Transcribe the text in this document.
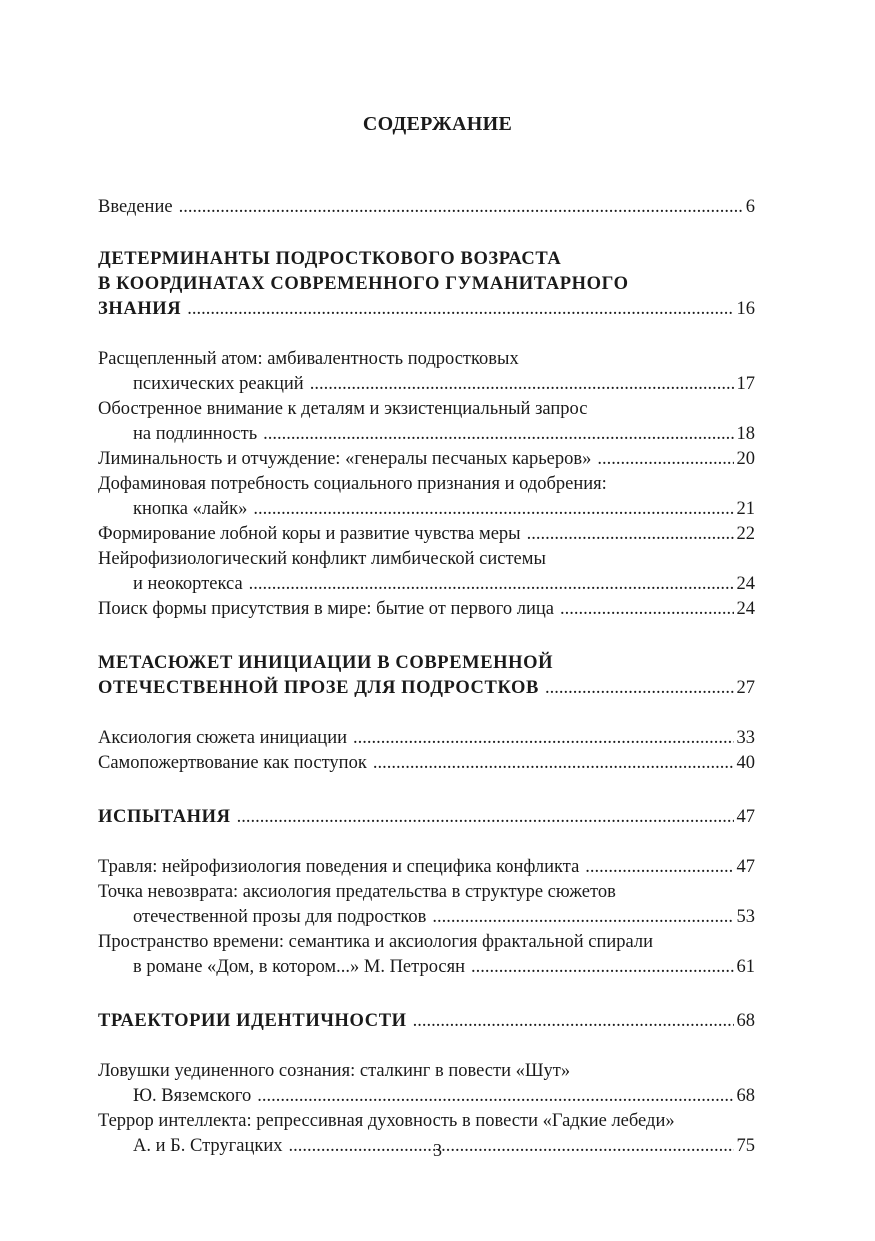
СОДЕРЖАНИЕ
Введение .....	6
ДЕТЕРМИНАНТЫ ПОДРОСТКОВОГО ВОЗРАСТА
В КООРДИНАТАХ СОВРЕМЕННОГО ГУМАНИТАРНОГО
ЗНАНИЯ .....	16
Расщепленный атом: амбивалентность подростковых
психических реакций .....	17
Обостренное внимание к деталям и экзистенциальный запрос
на подлинность .....	18
Лиминальность и отчуждение: «генералы песчаных карьеров» .....	20
Дофаминовая потребность социального признания и одобрения:
кнопка «лайк» .....	21
Формирование лобной коры и развитие чувства меры .....	22
Нейрофизиологический конфликт лимбической системы
и неокортекса .....	24
Поиск формы присутствия в мире: бытие от первого лица .....	24
МЕТАСЮЖЕТ ИНИЦИАЦИИ В СОВРЕМЕННОЙ
ОТЕЧЕСТВЕННОЙ ПРОЗЕ ДЛЯ ПОДРОСТКОВ .....	27
Аксиология сюжета инициации .....	33
Самопожертвование как поступок .....	40
ИСПЫТАНИЯ .....	47
Травля: нейрофизиология поведения и специфика конфликта .....	47
Точка невозврата: аксиология предательства в структуре сюжетов
отечественной прозы для подростков .....	53
Пространство времени: семантика и аксиология фрактальной спирали
в романе «Дом, в котором...» М. Петросян .....	61
ТРАЕКТОРИИ ИДЕНТИЧНОСТИ .....	68
Ловушки уединенного сознания: сталкинг в повести «Шут»
Ю. Вяземского .....	68
Террор интеллекта: репрессивная духовность в повести «Гадкие лебеди»
А. и Б. Стругацких .....	75
3
